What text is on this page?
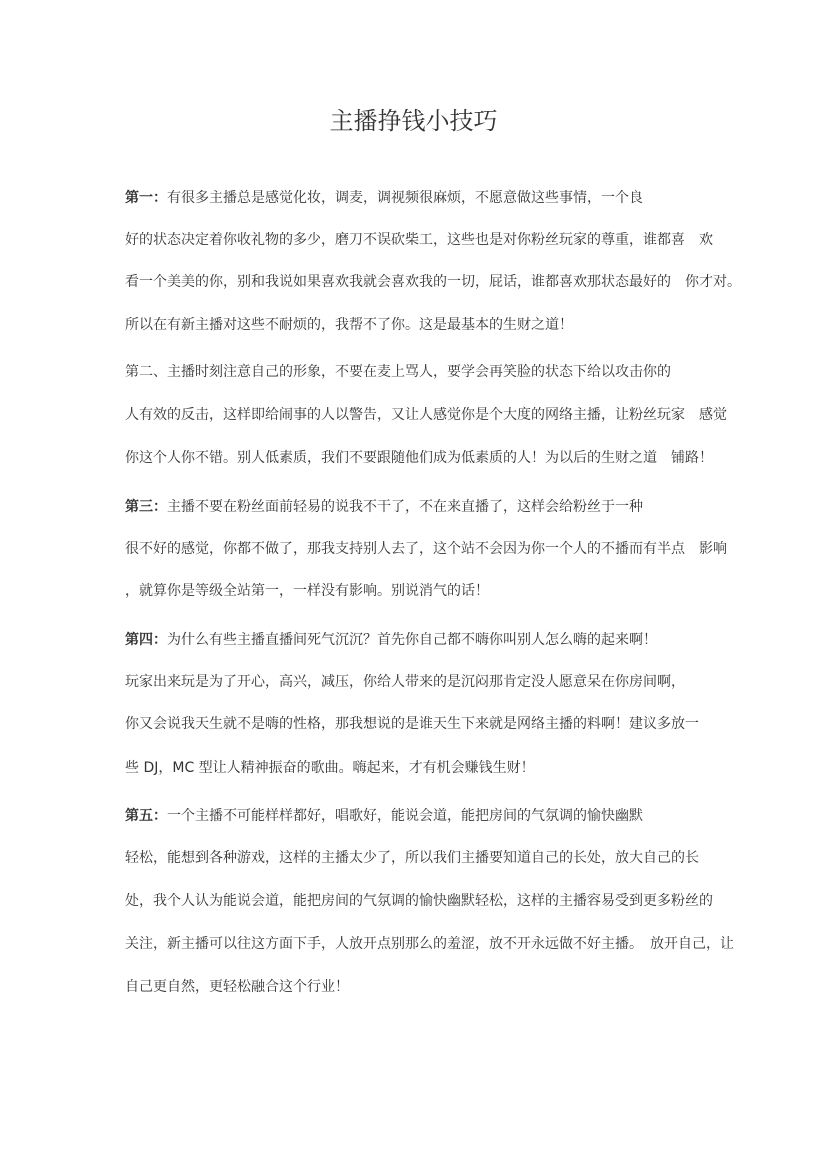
主播挣钱小技巧

第一：有很多主播总是感觉化妆，调麦，调视频很麻烦，不愿意做这些事情，一个良

好的状态决定着你收礼物的多少，磨刀不误砍柴工，这些也是对你粉丝玩家的尊重，谁都喜　欢

看一个美美的你，别和我说如果喜欢我就会喜欢我的一切，屁话，谁都喜欢那状态最好的　你才对。

所以在有新主播对这些不耐烦的，我帮不了你。这是最基本的生财之道！

第二、主播时刻注意自己的形象，不要在麦上骂人，要学会再笑脸的状态下给以攻击你的

人有效的反击，这样即给闹事的人以警告，又让人感觉你是个大度的网络主播，让粉丝玩家　感觉

你这个人你不错。别人低素质，我们不要跟随他们成为低素质的人！为以后的生财之道　铺路！

第三：主播不要在粉丝面前轻易的说我不干了，不在来直播了，这样会给粉丝于一种

很不好的感觉，你都不做了，那我支持别人去了，这个站不会因为你一个人的不播而有半点　影响

，就算你是等级全站第一，一样没有影响。别说消气的话！

第四：为什么有些主播直播间死气沉沉？首先你自己都不嗨你叫别人怎么嗨的起来啊！

玩家出来玩是为了开心，高兴，减压，你给人带来的是沉闷那肯定没人愿意呆在你房间啊，

你又会说我天生就不是嗨的性格，那我想说的是谁天生下来就是网络主播的料啊！建议多放一

些 DJ，MC 型让人精神振奋的歌曲。嗨起来，才有机会赚钱生财！

第五：一个主播不可能样样都好，唱歌好，能说会道，能把房间的气氛调的愉快幽默

轻松，能想到各种游戏，这样的主播太少了，所以我们主播要知道自己的长处，放大自己的长

处，我个人认为能说会道，能把房间的气氛调的愉快幽默轻松，这样的主播容易受到更多粉丝的

关注，新主播可以往这方面下手，人放开点别那么的羞涩，放不开永远做不好主播。　放开自己，让

自己更自然，更轻松融合这个行业！
